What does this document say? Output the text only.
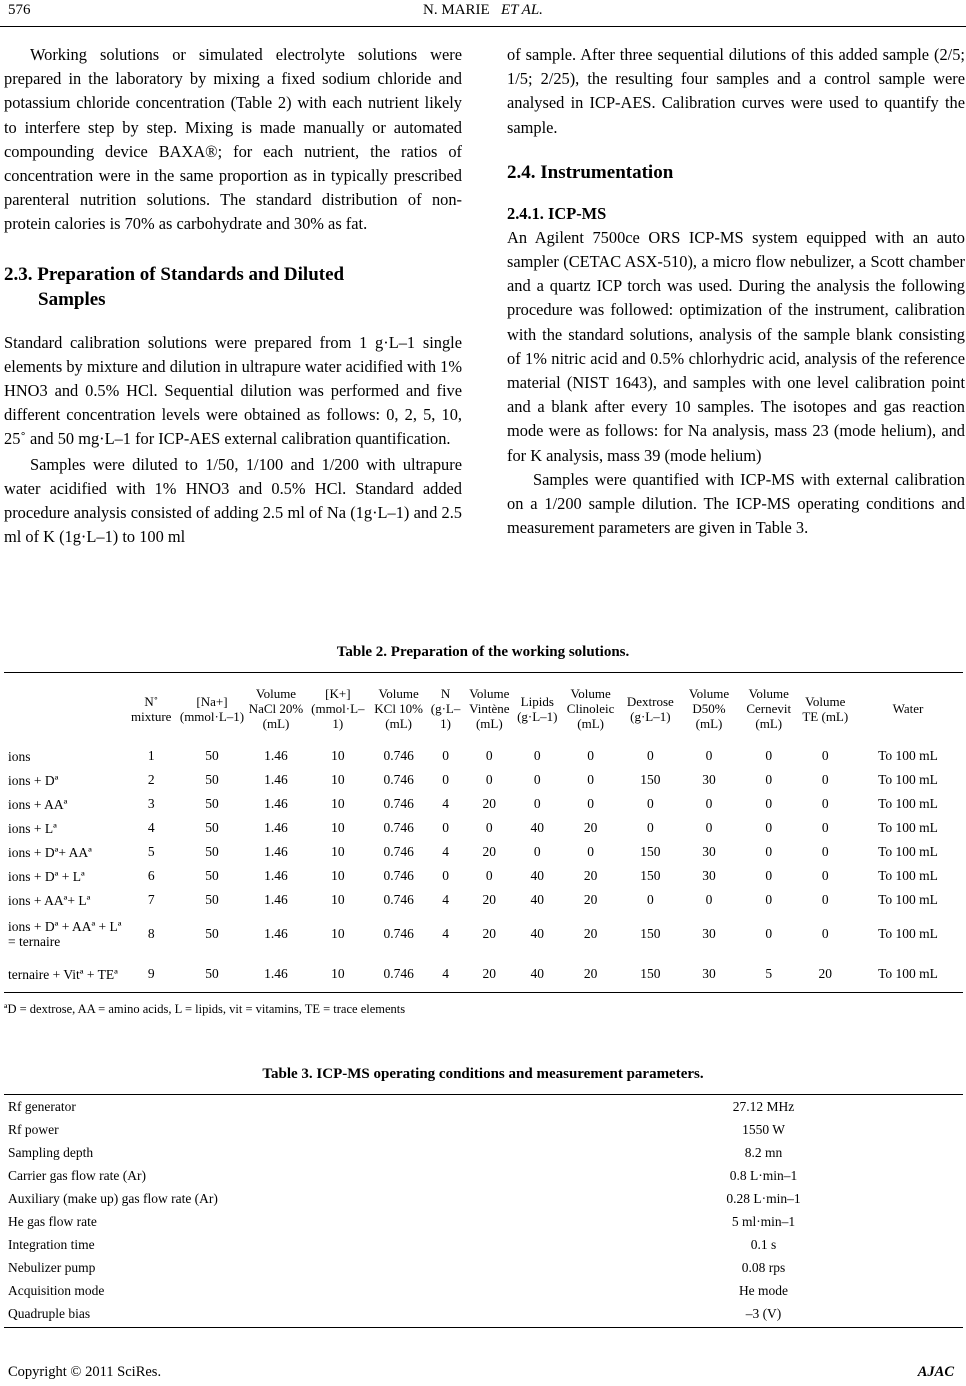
576	N. MARIE ET AL.

Working solutions or simulated electrolyte solutions were prepared in the laboratory by mixing a fixed sodium chloride and potassium chloride concentration (Table 2) with each nutrient likely to interfere step by step. Mixing is made manually or automated compounding device BAXA®; for each nutrient, the ratios of concentration were in the same proportion as in typically prescribed parenteral nutrition solutions. The standard distribution of non-protein calories is 70% as carbohydrate and 30% as fat.

2.3. Preparation of Standards and Diluted
Samples

Standard calibration solutions were prepared from 1 g·L–1 single elements by mixture and dilution in ultrapure water acidified with 1% HNO3 and 0.5% HCl. Sequential dilution was performed and five different concentration levels were obtained as follows: 0, 2, 5, 10, 25˚ and 50 mg·L–1 for ICP-AES external calibration quantification.

Samples were diluted to 1/50, 1/100 and 1/200 with ultrapure water acidified with 1% HNO3 and 0.5% HCl. Standard added procedure analysis consisted of adding 2.5 ml of Na (1g·L–1) and 2.5 ml of K (1g·L–1) to 100 ml

of sample. After three sequential dilutions of this added sample (2/5; 1/5; 2/25), the resulting four samples and a control sample were analysed in ICP-AES. Calibration curves were used to quantify the sample.

2.4. Instrumentation
2.4.1. ICP-MS

An Agilent 7500ce ORS ICP-MS system equipped with an auto sampler (CETAC ASX-510), a micro flow nebulizer, a Scott chamber and a quartz ICP torch was used. During the analysis the following procedure was followed: optimization of the instrument, calibration with the standard solutions, analysis of the sample blank consisting of 1% nitric acid and 0.5% chlorhydric acid, analysis of the reference material (NIST 1643), and samples with one level calibration point and a blank after every 10 samples. The isotopes and gas reaction mode were as follows: for Na analysis, mass 23 (mode helium), and for K analysis, mass 39 (mode helium)

Samples were quantified with ICP-MS with external calibration on a 1/200 sample dilution. The ICP-MS operating conditions and measurement parameters are given in Table 3.

Table 2. Preparation of the working solutions.
	N˚ mixture	[Na+] (mmol·L–1)	Volume NaCl 20% (mL)	[K+] (mmol·L–1)	Volume KCl 10% (mL)	N (g·L–1)	Volume Vintène (mL)	Lipids (g·L–1)	Volume Clinoleic (mL)	Dextrose (g·L–1)	Volume D50% (mL)	Volume Cernevit (mL)	Volume TE (mL)	Water
ions	1	50	1.46	10	0.746	0	0	0	0	0	0	0	0	To 100 mL
ions + Dª	2	50	1.46	10	0.746	0	0	0	0	150	30	0	0	To 100 mL
ions + AAª	3	50	1.46	10	0.746	4	20	0	0	0	0	0	0	To 100 mL
ions + Lª	4	50	1.46	10	0.746	0	0	40	20	0	0	0	0	To 100 mL
ions + Dª+ AAª	5	50	1.46	10	0.746	4	20	0	0	150	30	0	0	To 100 mL
ions + Dª + Lª	6	50	1.46	10	0.746	0	0	40	20	150	30	0	0	To 100 mL
ions + AAª+ Lª	7	50	1.46	10	0.746	4	20	40	20	0	0	0	0	To 100 mL
ions + Dª + AAª + Lª = ternaire	8	50	1.46	10	0.746	4	20	40	20	150	30	0	0	To 100 mL
ternaire + Vitª + TEª	9	50	1.46	10	0.746	4	20	40	20	150	30	5	20	To 100 mL
ªD = dextrose, AA = amino acids, L = lipids, vit = vitamins, TE = trace elements
Table 3. ICP-MS operating conditions and measurement parameters.
Rf generator	27.12 MHz
Rf power	1550 W
Sampling depth	8.2 mn
Carrier gas flow rate (Ar)	0.8 L·min–1
Auxiliary (make up) gas flow rate (Ar)	0.28 L·min–1
He gas flow rate	5 ml·min–1
Integration time	0.1 s
Nebulizer pump	0.08 rps
Acquisition mode	He mode
Quadruple bias	–3 (V)
Copyright © 2011 SciRes.	AJAC
